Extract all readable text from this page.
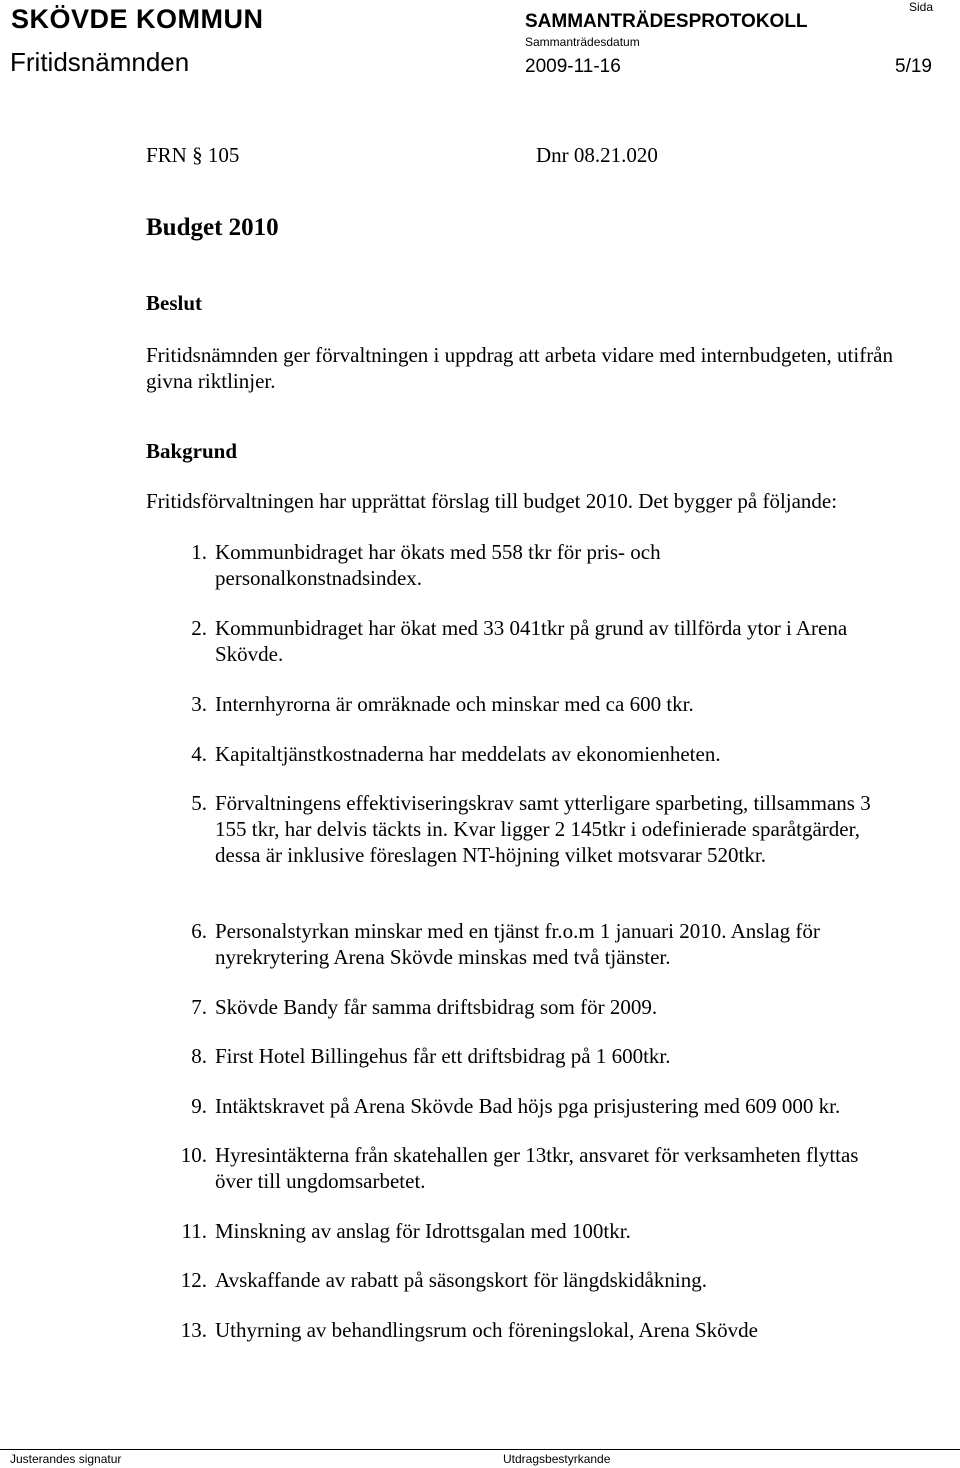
SKÖVDE KOMMUN
Fritidsnämnden
SAMMANTRÄDESPROTOKOLL
Sammanträdesdatum
2009-11-16
Sida
5/19
FRN § 105	Dnr 08.21.020
Budget 2010
Beslut
Fritidsnämnden ger förvaltningen i uppdrag att arbeta vidare med internbudgeten, utifrån givna riktlinjer.
Bakgrund
Fritidsförvaltningen har upprättat förslag till budget 2010. Det bygger på följande:
1. Kommunbidraget har ökats med 558 tkr för pris- och personalkonstnadsindex.
2. Kommunbidraget har ökat med 33 041tkr på grund av tillförda ytor i Arena Skövde.
3. Internhyrorna är omräknade och minskar med ca 600 tkr.
4. Kapitaltjänstkostnaderna har meddelats av ekonomienheten.
5. Förvaltningens effektiviseringskrav samt ytterligare sparbeting, tillsammans 3 155 tkr, har delvis täckts in. Kvar ligger 2 145tkr i odefinierade sparåtgärder, dessa är inklusive föreslagen NT-höjning vilket motsvarar 520tkr.
6. Personalstyrkan minskar med en tjänst fr.o.m 1 januari 2010. Anslag för nyrekrytering Arena Skövde minskas med två tjänster.
7. Skövde Bandy får samma driftsbidrag som för 2009.
8. First Hotel Billingehus får ett driftsbidrag på 1 600tkr.
9. Intäktskravet på Arena Skövde Bad höjs pga prisjustering med 609 000 kr.
10. Hyresintäkterna från skatehallen ger 13tkr, ansvaret för verksamheten flyttas över till ungdomsarbetet.
11. Minskning av anslag för Idrottsgalan med 100tkr.
12. Avskaffande av rabatt på säsongskort för längdskidåkning.
13. Uthyrning av behandlingsrum och föreningslokal, Arena Skövde
Justerandes signatur	Utdragsbestyrkande
